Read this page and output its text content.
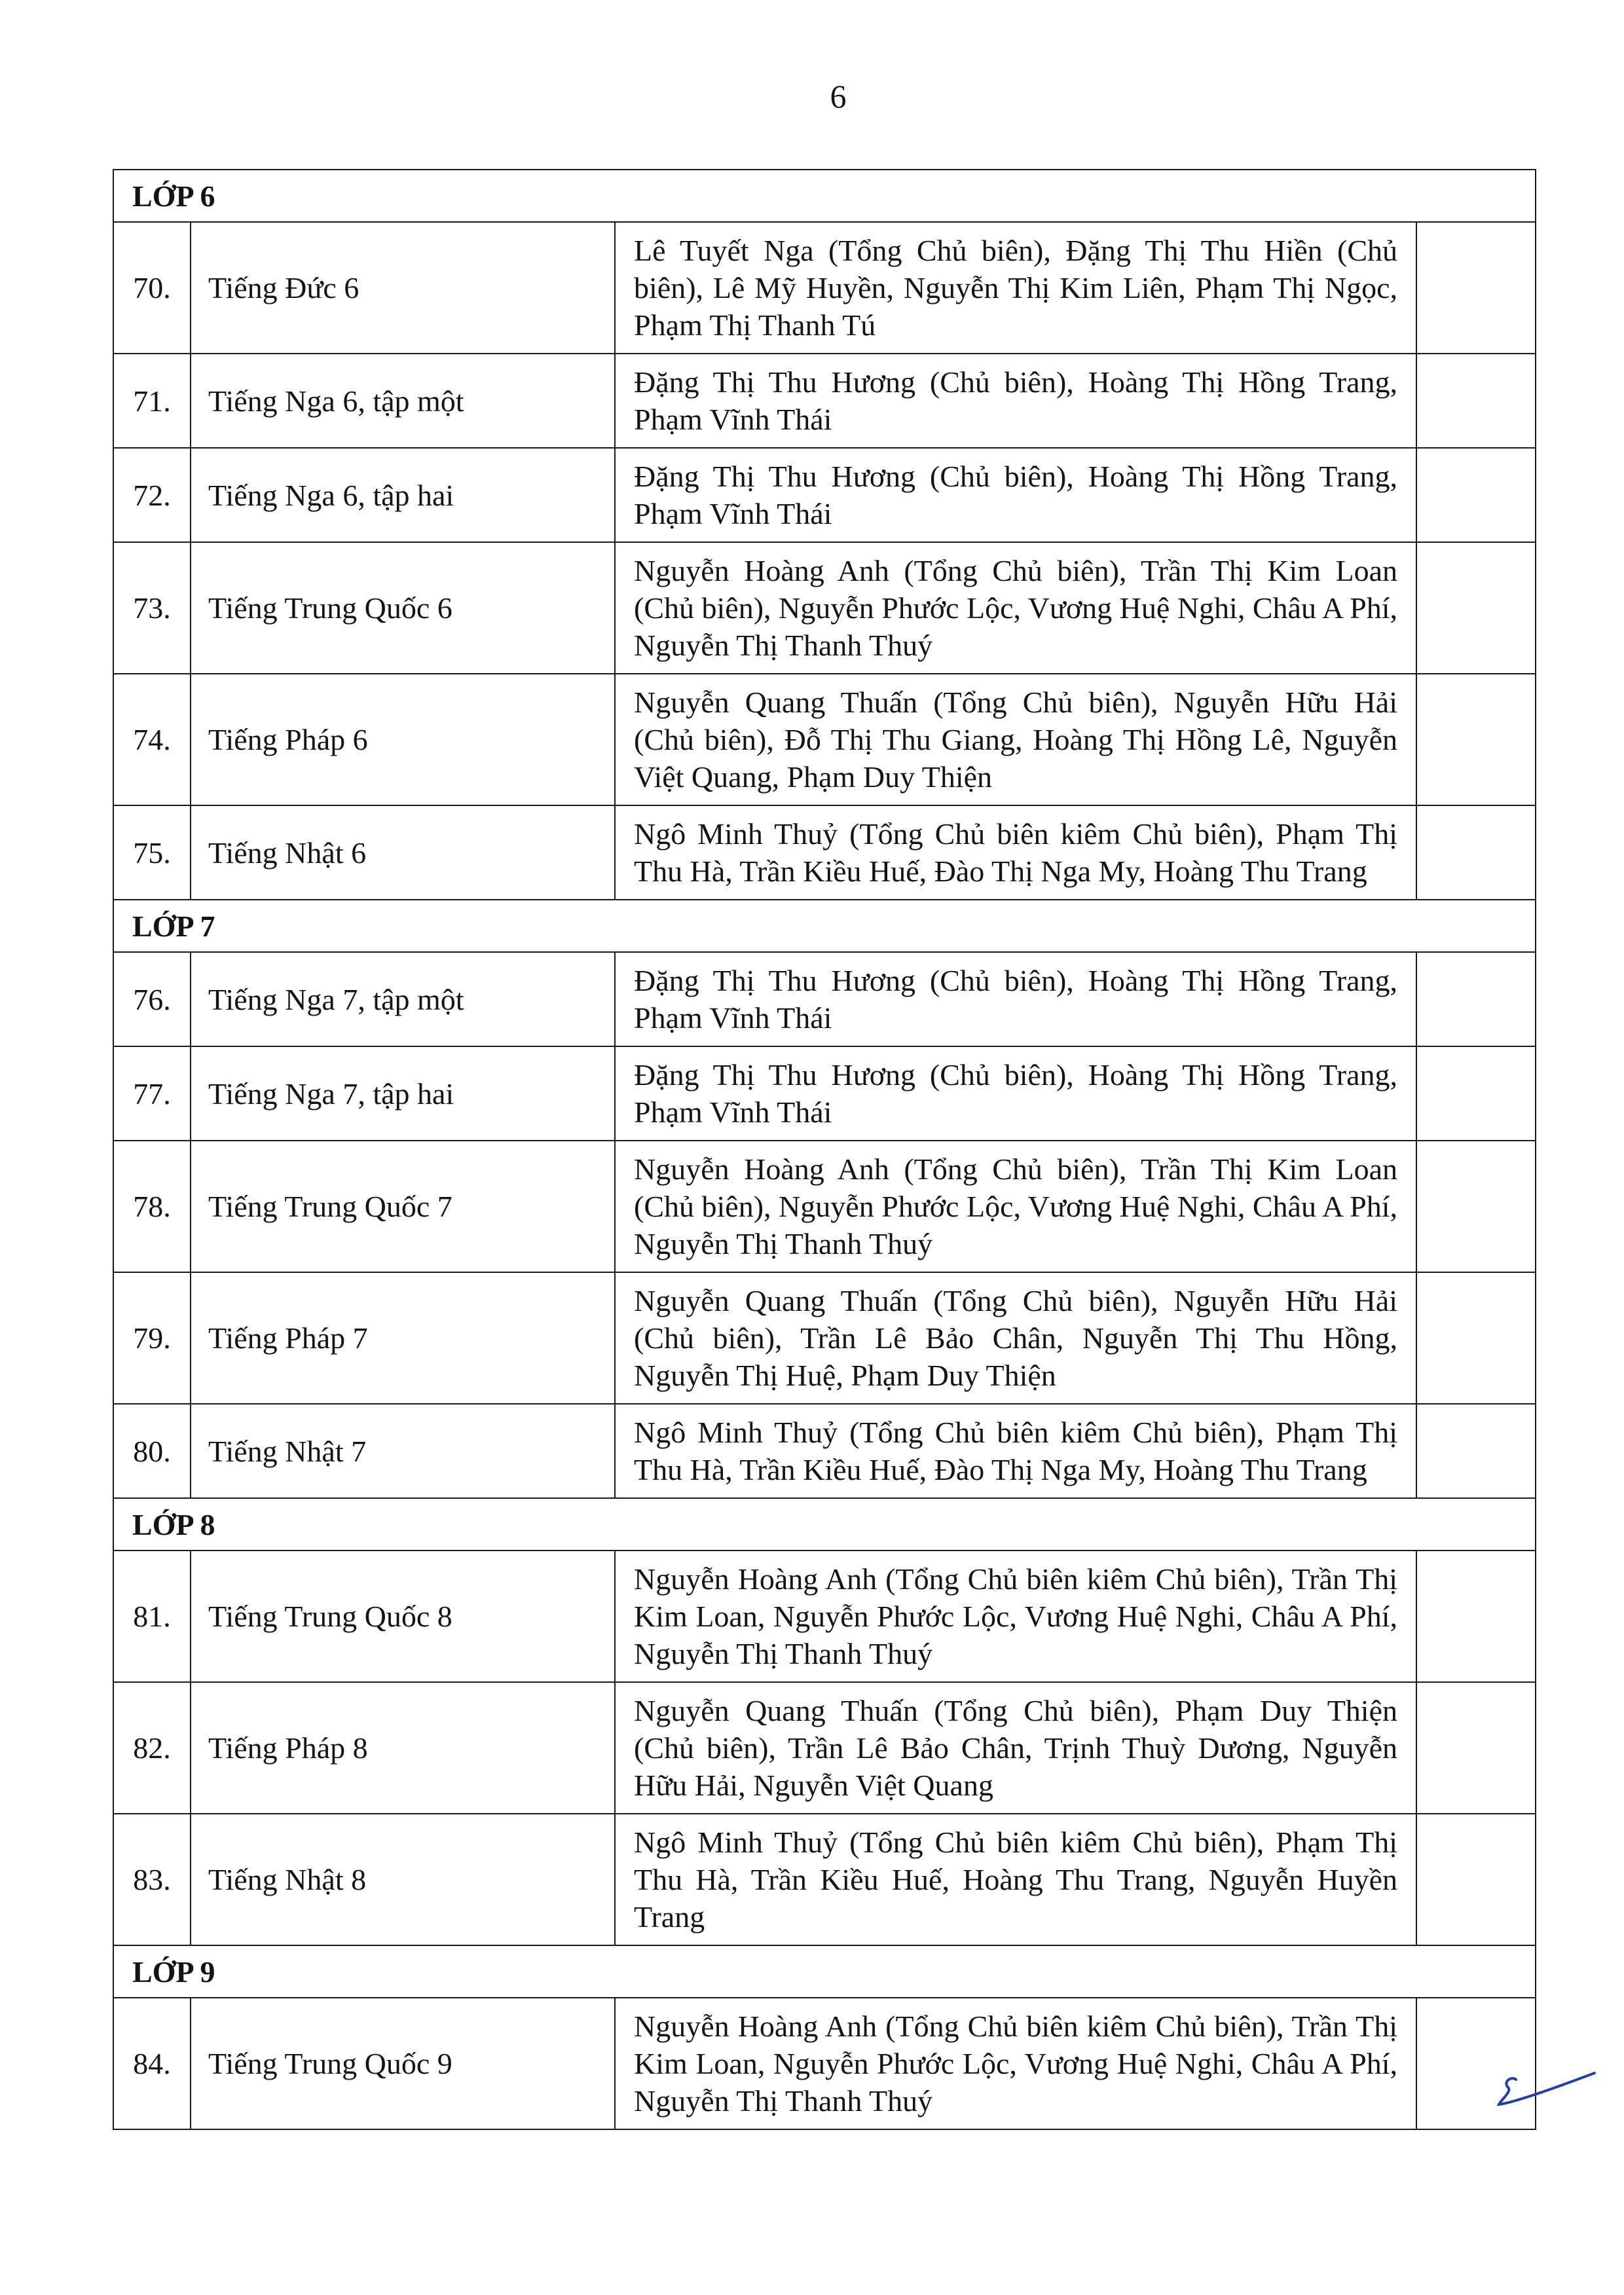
6
LỚP 6			
70.	Tiếng Đức 6	Lê Tuyết Nga (Tổng Chủ biên), Đặng Thị Thu Hiền (Chủ biên), Lê Mỹ Huyền, Nguyễn Thị Kim Liên, Phạm Thị Ngọc, Phạm Thị Thanh Tú	
71.	Tiếng Nga 6, tập một	Đặng Thị Thu Hương (Chủ biên), Hoàng Thị Hồng Trang, Phạm Vĩnh Thái	
72.	Tiếng Nga 6, tập hai	Đặng Thị Thu Hương (Chủ biên), Hoàng Thị Hồng Trang, Phạm Vĩnh Thái	
73.	Tiếng Trung Quốc 6	Nguyễn Hoàng Anh (Tổng Chủ biên), Trần Thị Kim Loan (Chủ biên), Nguyễn Phước Lộc, Vương Huệ Nghi, Châu A Phí, Nguyễn Thị Thanh Thuý	
74.	Tiếng Pháp 6	Nguyễn Quang Thuấn (Tổng Chủ biên), Nguyễn Hữu Hải (Chủ biên), Đỗ Thị Thu Giang, Hoàng Thị Hồng Lê, Nguyễn Việt Quang, Phạm Duy Thiện	
75.	Tiếng Nhật 6	Ngô Minh Thuỷ (Tổng Chủ biên kiêm Chủ biên), Phạm Thị Thu Hà, Trần Kiều Huế, Đào Thị Nga My, Hoàng Thu Trang	
LỚP 7			
76.	Tiếng Nga 7, tập một	Đặng Thị Thu Hương (Chủ biên), Hoàng Thị Hồng Trang, Phạm Vĩnh Thái	
77.	Tiếng Nga 7, tập hai	Đặng Thị Thu Hương (Chủ biên), Hoàng Thị Hồng Trang, Phạm Vĩnh Thái	
78.	Tiếng Trung Quốc 7	Nguyễn Hoàng Anh (Tổng Chủ biên), Trần Thị Kim Loan (Chủ biên), Nguyễn Phước Lộc, Vương Huệ Nghi, Châu A Phí, Nguyễn Thị Thanh Thuý	
79.	Tiếng Pháp 7	Nguyễn Quang Thuấn (Tổng Chủ biên), Nguyễn Hữu Hải (Chủ biên), Trần Lê Bảo Chân, Nguyễn Thị Thu Hồng, Nguyễn Thị Huệ, Phạm Duy Thiện	
80.	Tiếng Nhật 7	Ngô Minh Thuỷ (Tổng Chủ biên kiêm Chủ biên), Phạm Thị Thu Hà, Trần Kiều Huế, Đào Thị Nga My, Hoàng Thu Trang	
LỚP 8			
81.	Tiếng Trung Quốc 8	Nguyễn Hoàng Anh (Tổng Chủ biên kiêm Chủ biên), Trần Thị Kim Loan, Nguyễn Phước Lộc, Vương Huệ Nghi, Châu A Phí, Nguyễn Thị Thanh Thuý	
82.	Tiếng Pháp 8	Nguyễn Quang Thuấn (Tổng Chủ biên), Phạm Duy Thiện (Chủ biên), Trần Lê Bảo Chân, Trịnh Thuỳ Dương, Nguyễn Hữu Hải, Nguyễn Việt Quang	
83.	Tiếng Nhật 8	Ngô Minh Thuỷ (Tổng Chủ biên kiêm Chủ biên), Phạm Thị Thu Hà, Trần Kiều Huế, Hoàng Thu Trang, Nguyễn Huyền Trang	
LỚP 9			
84.	Tiếng Trung Quốc 9	Nguyễn Hoàng Anh (Tổng Chủ biên kiêm Chủ biên), Trần Thị Kim Loan, Nguyễn Phước Lộc, Vương Huệ Nghi, Châu A Phí, Nguyễn Thị Thanh Thuý	
